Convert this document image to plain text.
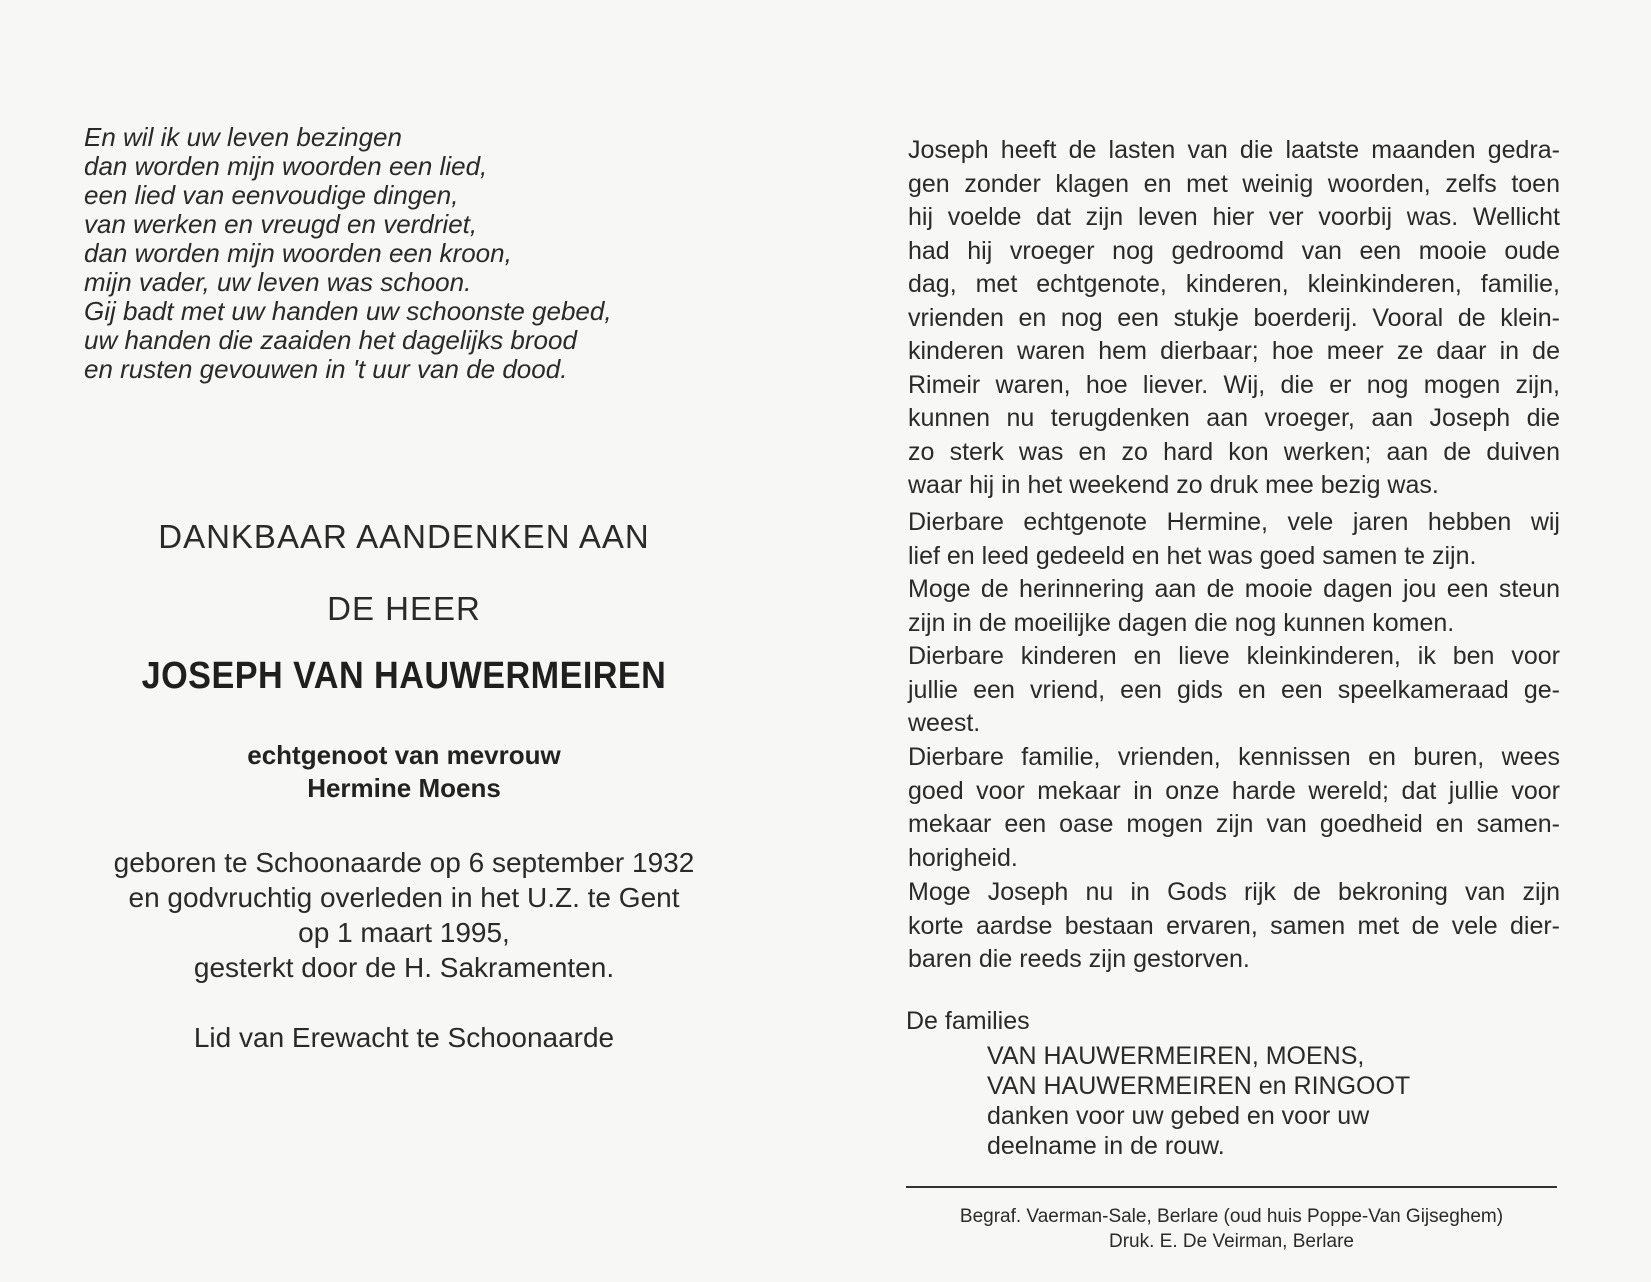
En wil ik uw leven bezingen
dan worden mijn woorden een lied,
een lied van eenvoudige dingen,
van werken en vreugd en verdriet,
dan worden mijn woorden een kroon,
mijn vader, uw leven was schoon.
Gij badt met uw handen uw schoonste gebed,
uw handen die zaaiden het dagelijks brood
en rusten gevouwen in 't uur van de dood.
DANKBAAR AANDENKEN AAN
DE HEER
JOSEPH VAN HAUWERMEIREN
echtgenoot van mevrouw
Hermine Moens
geboren te Schoonaarde op 6 september 1932
en godvruchtig overleden in het U.Z. te Gent
op 1 maart 1995,
gesterkt door de H. Sakramenten.
Lid van Erewacht te Schoonaarde
Joseph heeft de lasten van die laatste maanden gedra-
gen zonder klagen en met weinig woorden, zelfs toen
hij voelde dat zijn leven hier ver voorbij was. Wellicht
had hij vroeger nog gedroomd van een mooie oude
dag, met echtgenote, kinderen, kleinkinderen, familie,
vrienden en nog een stukje boerderij. Vooral de klein-
kinderen waren hem dierbaar; hoe meer ze daar in de
Rimeir waren, hoe liever. Wij, die er nog mogen zijn,
kunnen nu terugdenken aan vroeger, aan Joseph die
zo sterk was en zo hard kon werken; aan de duiven
waar hij in het weekend zo druk mee bezig was.
Dierbare echtgenote Hermine, vele jaren hebben wij
lief en leed gedeeld en het was goed samen te zijn.
Moge de herinnering aan de mooie dagen jou een steun
zijn in de moeilijke dagen die nog kunnen komen.
Dierbare kinderen en lieve kleinkinderen, ik ben voor
jullie een vriend, een gids en een speelkameraad ge-
weest.
Dierbare familie, vrienden, kennissen en buren, wees
goed voor mekaar in onze harde wereld; dat jullie voor
mekaar een oase mogen zijn van goedheid en samen-
horigheid.
Moge Joseph nu in Gods rijk de bekroning van zijn
korte aardse bestaan ervaren, samen met de vele dier-
baren die reeds zijn gestorven.
De families
VAN HAUWERMEIREN, MOENS,
VAN HAUWERMEIREN en RINGOOT
danken voor uw gebed en voor uw
deelname in de rouw.
Begraf. Vaerman-Sale, Berlare (oud huis Poppe-Van Gijseghem)
Druk. E. De Veirman, Berlare
